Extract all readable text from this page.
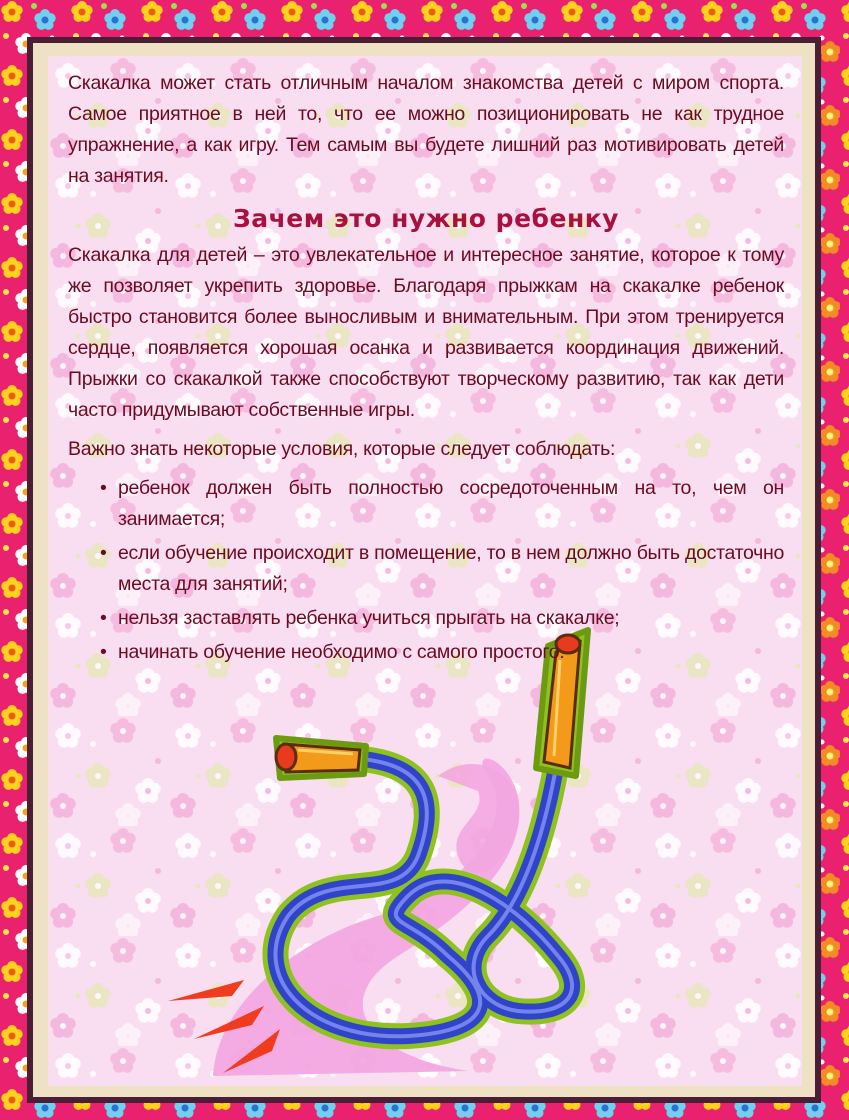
Скакалка может стать отличным началом знакомства детей с миром спорта. Самое приятное в ней то, что ее можно позиционировать не как трудное упражнение, а как игру. Тем самым вы будете лишний раз мотивировать детей на занятия.

Зачем это нужно ребенку

Скакалка для детей – это увлекательное и интересное занятие, которое к тому же позволяет укрепить здоровье. Благодаря прыжкам на скакалке ребенок быстро становится более выносливым и внимательным. При этом тренируется сердце, появляется хорошая осанка и развивается координация движений. Прыжки со скакалкой также способствуют творческому развитию, так как дети часто придумывают собственные игры.

Важно знать некоторые условия, которые следует соблюдать:

• ребенок должен быть полностью сосредоточенным на то, чем он занимается;
• если обучение происходит в помещение, то в нем должно быть достаточно места для занятий;
• нельзя заставлять ребенка учиться прыгать на скакалке;
• начинать обучение необходимо с самого простого.
